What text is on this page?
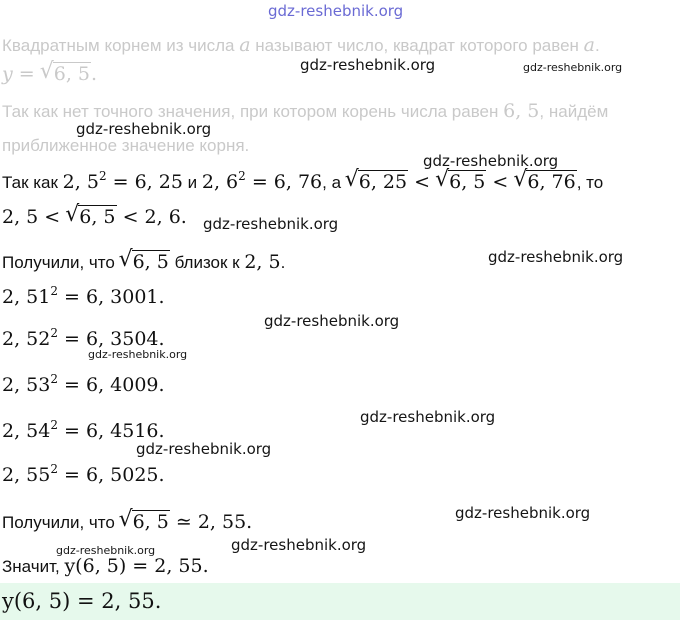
gdz-reshebnik.org
gdz-reshebnik.org	gdz-reshebnik.org
gdz-reshebnik.org
gdz-reshebnik.org
gdz-reshebnik.org
gdz-reshebnik.org
gdz-reshebnik.org
gdz-reshebnik.org
gdz-reshebnik.org
gdz-reshebnik.org
gdz-reshebnik.org
gdz-reshebnik.org	gdz-reshebnik.org
Квадратным корнем из числа a называют число, квадрат которого равен a.
y = √ 6, 5.
Так как нет точного значения, при котором корень числа равен 6, 5, найдём
приближенное значение корня.
Так как 2, $5^2 = 6$, 25 и 2, $6^2 = 6$, 76, а √ 6, 25 < √ 6, 5 < √ 6, 76, то
2, 5 < √ 6, 5 < 2, 6.
Получили, что √ 6, 5 близок к 2, 5.
2, $51^2 = 6$, 3001.
2, $52^2 = 6$, 3504.
2, $53^2 = 6$, 4009.
2, $54^2 = 6$, 4516.
2, $55^2 = 6$, 5025.
Получили, что √ 6, 5 ≃ 2, 55.
Значит, y(6, 5) = 2, 55.
y(6, 5) = 2, 55.
